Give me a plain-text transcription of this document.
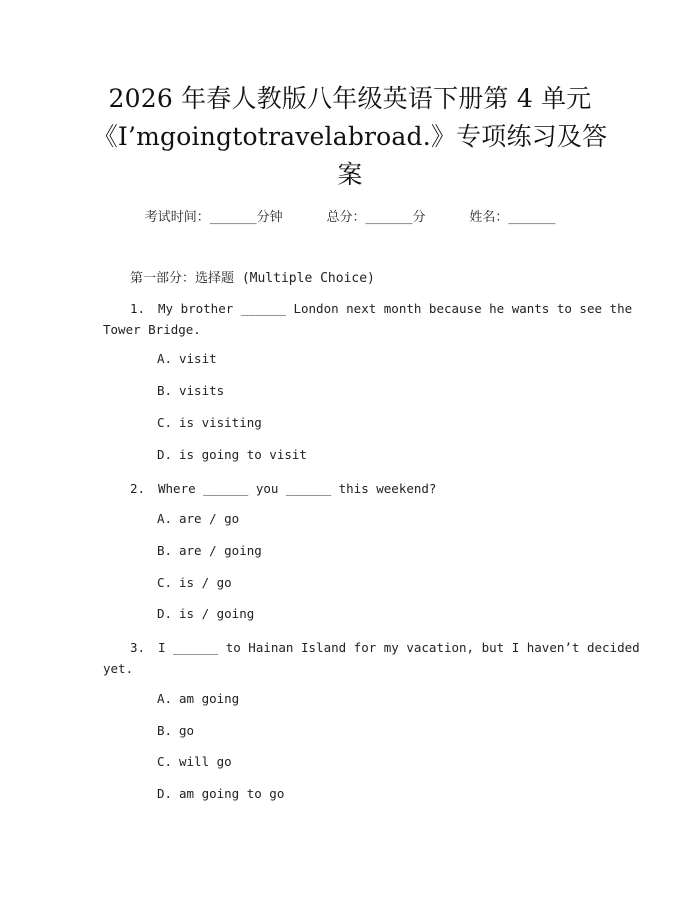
2026 年春人教版八年级英语下册第 4 单元
《I’mgoingtotravelabroad.》专项练习及答
案
考试时间：______分钟	总分：______分	姓名：______
第一部分：选择题 (Multiple Choice)
1. My brother ______ London next month because he wants to see the
Tower Bridge.
A. visit
B. visits
C. is visiting
D. is going to visit
2. Where ______ you ______ this weekend?
A. are / go
B. are / going
C. is / go
D. is / going
3. I ______ to Hainan Island for my vacation, but I haven’t decided
yet.
A. am going
B. go
C. will go
D. am going to go
